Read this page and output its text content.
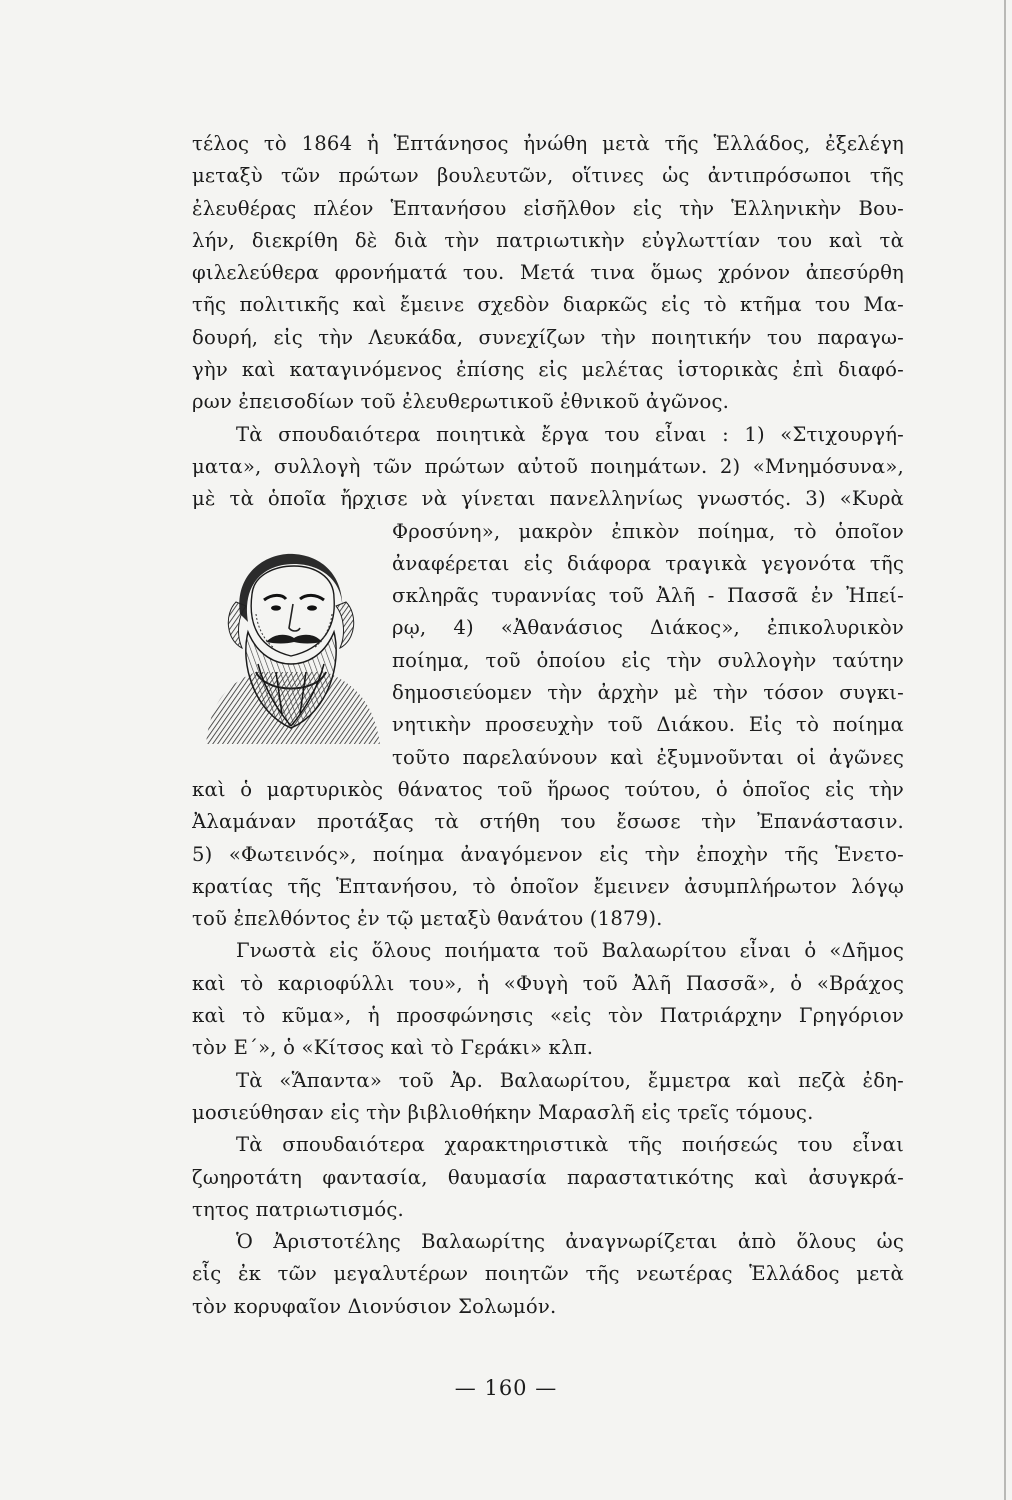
τέλος τὸ 1864 ἡ Ἑπτάνησος ἠνώθη μετὰ τῆς Ἑλλάδος, ἐξελέγη
μεταξὺ τῶν πρώτων βουλευτῶν, οἵτινες ὡς ἀντιπρόσωποι τῆς
ἐλευθέρας πλέον Ἑπτανήσου εἰσῆλθον εἰς τὴν Ἑλληνικὴν Βου-
λήν, διεκρίθη δὲ διὰ τὴν πατριωτικὴν εὐγλωττίαν του καὶ τὰ
φιλελεύθερα φρονήματά του. Μετά τινα ὅμως χρόνον ἀπεσύρθη
τῆς πολιτικῆς καὶ ἔμεινε σχεδὸν διαρκῶς εἰς τὸ κτῆμα του Μα-
δουρή, εἰς τὴν Λευκάδα, συνεχίζων τὴν ποιητικήν του παραγω-
γὴν καὶ καταγινόμενος ἐπίσης εἰς μελέτας ἱστορικὰς ἐπὶ διαφό-
ρων ἐπεισοδίων τοῦ ἐλευθερωτικοῦ ἐθνικοῦ ἀγῶνος.
Τὰ σπουδαιότερα ποιητικὰ ἔργα του εἶναι : 1) «Στιχουργή-
ματα», συλλογὴ τῶν πρώτων αὐτοῦ ποιημάτων. 2) «Μνημόσυνα»,
μὲ τὰ ὁποῖα ἤρχισε νὰ γίνεται πανελληνίως γνωστός. 3) «Κυρὰ
Φροσύνη», μακρὸν ἐπικὸν ποίημα, τὸ ὁποῖον
ἀναφέρεται εἰς διάφορα τραγικὰ γεγονότα τῆς
σκληρᾶς τυραννίας τοῦ Ἀλῆ - Πασσᾶ ἐν Ἠπεί-
ρῳ, 4) «Ἀθανάσιος Διάκος», ἐπικολυρικὸν
ποίημα, τοῦ ὁποίου εἰς τὴν συλλογὴν ταύτην
δημοσιεύομεν τὴν ἀρχὴν μὲ τὴν τόσον συγκι-
νητικὴν προσευχὴν τοῦ Διάκου. Εἰς τὸ ποίημα
τοῦτο παρελαύνουν καὶ ἐξυμνοῦνται οἱ ἀγῶνες
καὶ ὁ μαρτυρικὸς θάνατος τοῦ ἥρωος τούτου, ὁ ὁποῖος εἰς τὴν
Ἀλαμάναν προτάξας τὰ στήθη του ἔσωσε τὴν Ἐπανάστασιν.
5) «Φωτεινός», ποίημα ἀναγόμενον εἰς τὴν ἐποχὴν τῆς Ἑνετο-
κρατίας τῆς Ἑπτανήσου, τὸ ὁποῖον ἔμεινεν ἀσυμπλήρωτον λόγῳ
τοῦ ἐπελθόντος ἐν τῷ μεταξὺ θανάτου (1879).
Γνωστὰ εἰς ὅλους ποιήματα τοῦ Βαλαωρίτου εἶναι ὁ «Δῆμος
καὶ τὸ καριοφύλλι του», ἡ «Φυγὴ τοῦ Ἀλῆ Πασσᾶ», ὁ «Βράχος
καὶ τὸ κῦμα», ἡ προσφώνησις «εἰς τὸν Πατριάρχην Γρηγόριον
τὸν Ε΄», ὁ «Κίτσος καὶ τὸ Γεράκι» κλπ.
Τὰ «Ἅπαντα» τοῦ Ἀρ. Βαλαωρίτου, ἔμμετρα καὶ πεζὰ ἐδη-
μοσιεύθησαν εἰς τὴν βιβλιοθήκην Μαρασλῆ εἰς τρεῖς τόμους.
Τὰ σπουδαιότερα χαρακτηριστικὰ τῆς ποιήσεώς του εἶναι
ζωηροτάτη φαντασία, θαυμασία παραστατικότης καὶ ἀσυγκρά-
τητος πατριωτισμός.
Ὁ Ἀριστοτέλης Βαλαωρίτης ἀναγνωρίζεται ἀπὸ ὅλους ὡς
εἷς ἐκ τῶν μεγαλυτέρων ποιητῶν τῆς νεωτέρας Ἑλλάδος μετὰ
τὸν κορυφαῖον Διονύσιον Σολωμόν.
— 160 —
